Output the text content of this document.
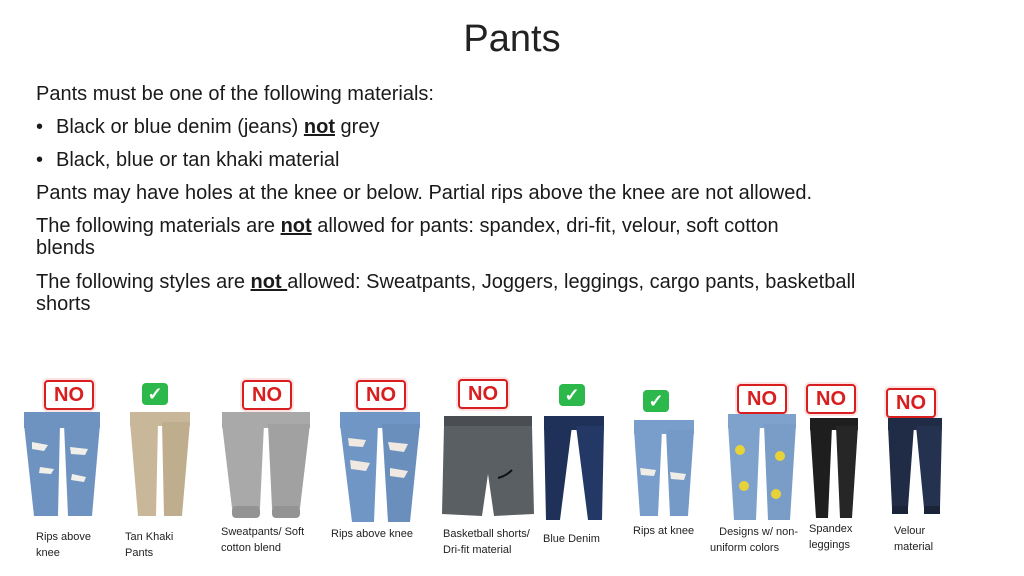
Pants
Pants must be one of the following materials:
• Black or blue denim (jeans) not grey
• Black, blue or tan khaki material
Pants may have holes at the knee or below. Partial rips above the knee are not allowed.
The following materials are not allowed for pants: spandex, dri-fit, velour, soft cotton
blends
The following styles are not allowed: Sweatpants, Joggers, leggings, cargo pants, basketball
shorts
NO	✓	NO	NO	NO	✓	✓	NO	NO	NO
Rips above
knee
Tan Khaki
Pants
Sweatpants/ Soft
cotton blend
Rips above knee	Basketball shorts/
Dri-fit material
Blue Denim
Rips at knee	Designs w/ non-
uniform colors
Spandex
leggings
Velour
material
